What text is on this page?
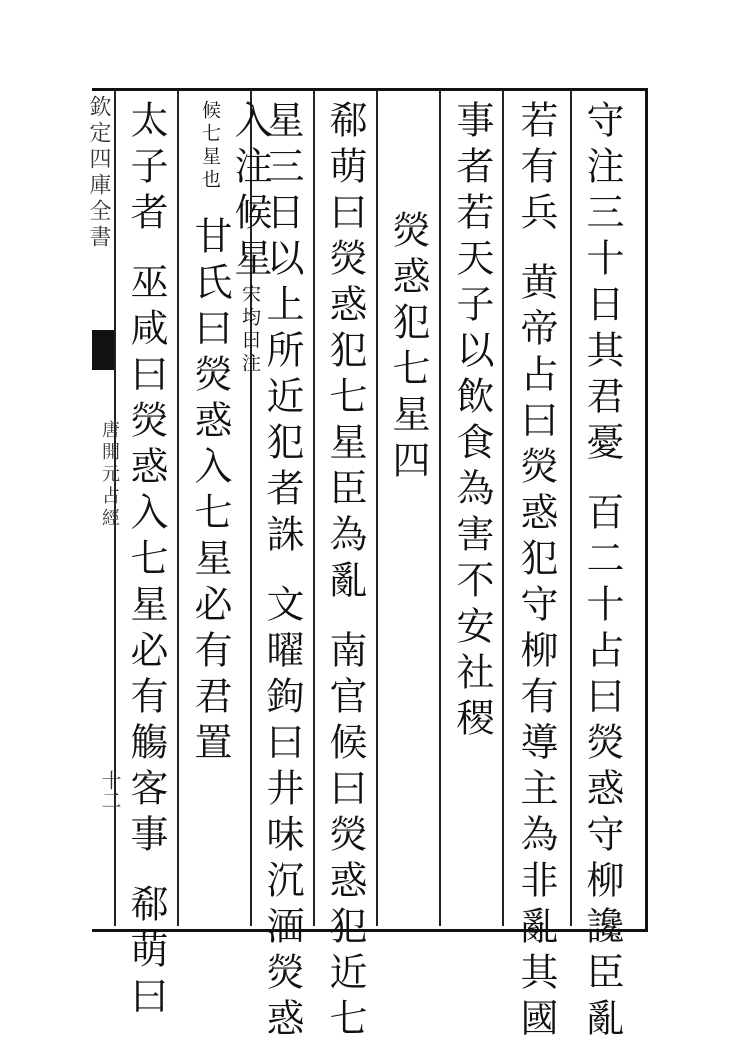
欽定四庫全書
唐開元占經
十二
守注三十日其君憂百二十占曰熒惑守柳讒臣亂
若有兵黄帝占曰熒惑犯守柳有導主為非亂其國
事者若天子以飲食為害不安社稷
熒惑犯七星四
郗萌曰熒惑犯七星臣為亂南官候曰熒惑犯近七
星三日以上所近犯者誅文曜鉤曰井味沉湎熒惑
入注候星宋均曰注
候七星也甘氏曰熒惑入七星必有君置
太子者巫咸曰熒惑入七星必有觴客事郗萌曰
